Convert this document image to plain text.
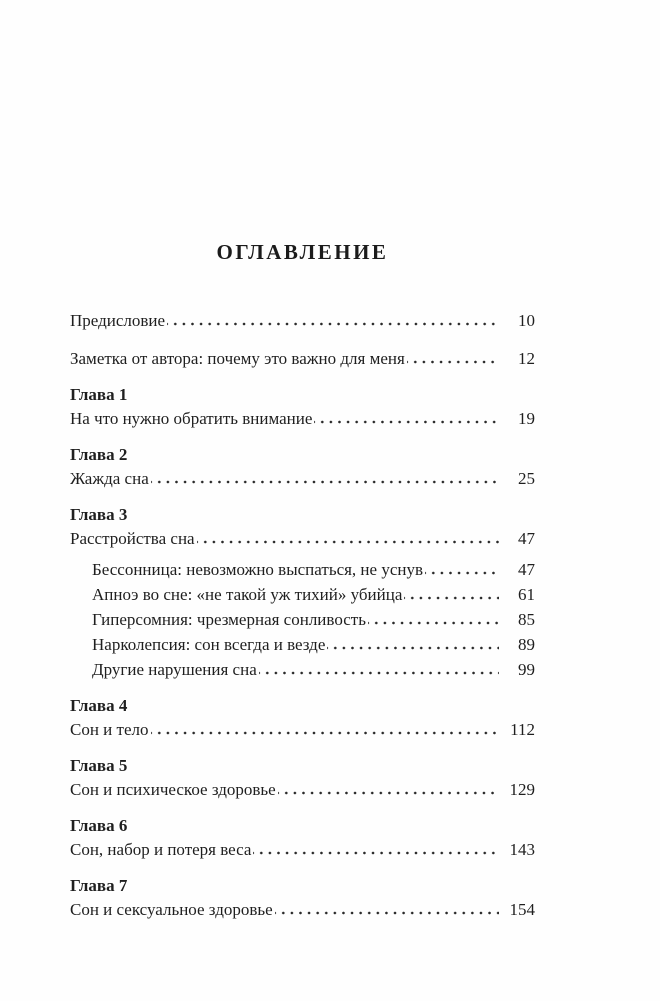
ОГЛАВЛЕНИЕ
Предисловие	10
Заметка от автора: почему это важно для меня	12
Глава 1
На что нужно обратить внимание	19
Глава 2
Жажда сна	25
Глава 3
Расстройства сна	47
Бессонница: невозможно выспаться, не уснув	47
Апноэ во сне: «не такой уж тихий» убийца	61
Гиперсомния: чрезмерная сонливость	85
Нарколепсия: сон всегда и везде	89
Другие нарушения сна	99
Глава 4
Сон и тело	112
Глава 5
Сон и психическое здоровье	129
Глава 6
Сон, набор и потеря веса	143
Глава 7
Сон и сексуальное здоровье	154
